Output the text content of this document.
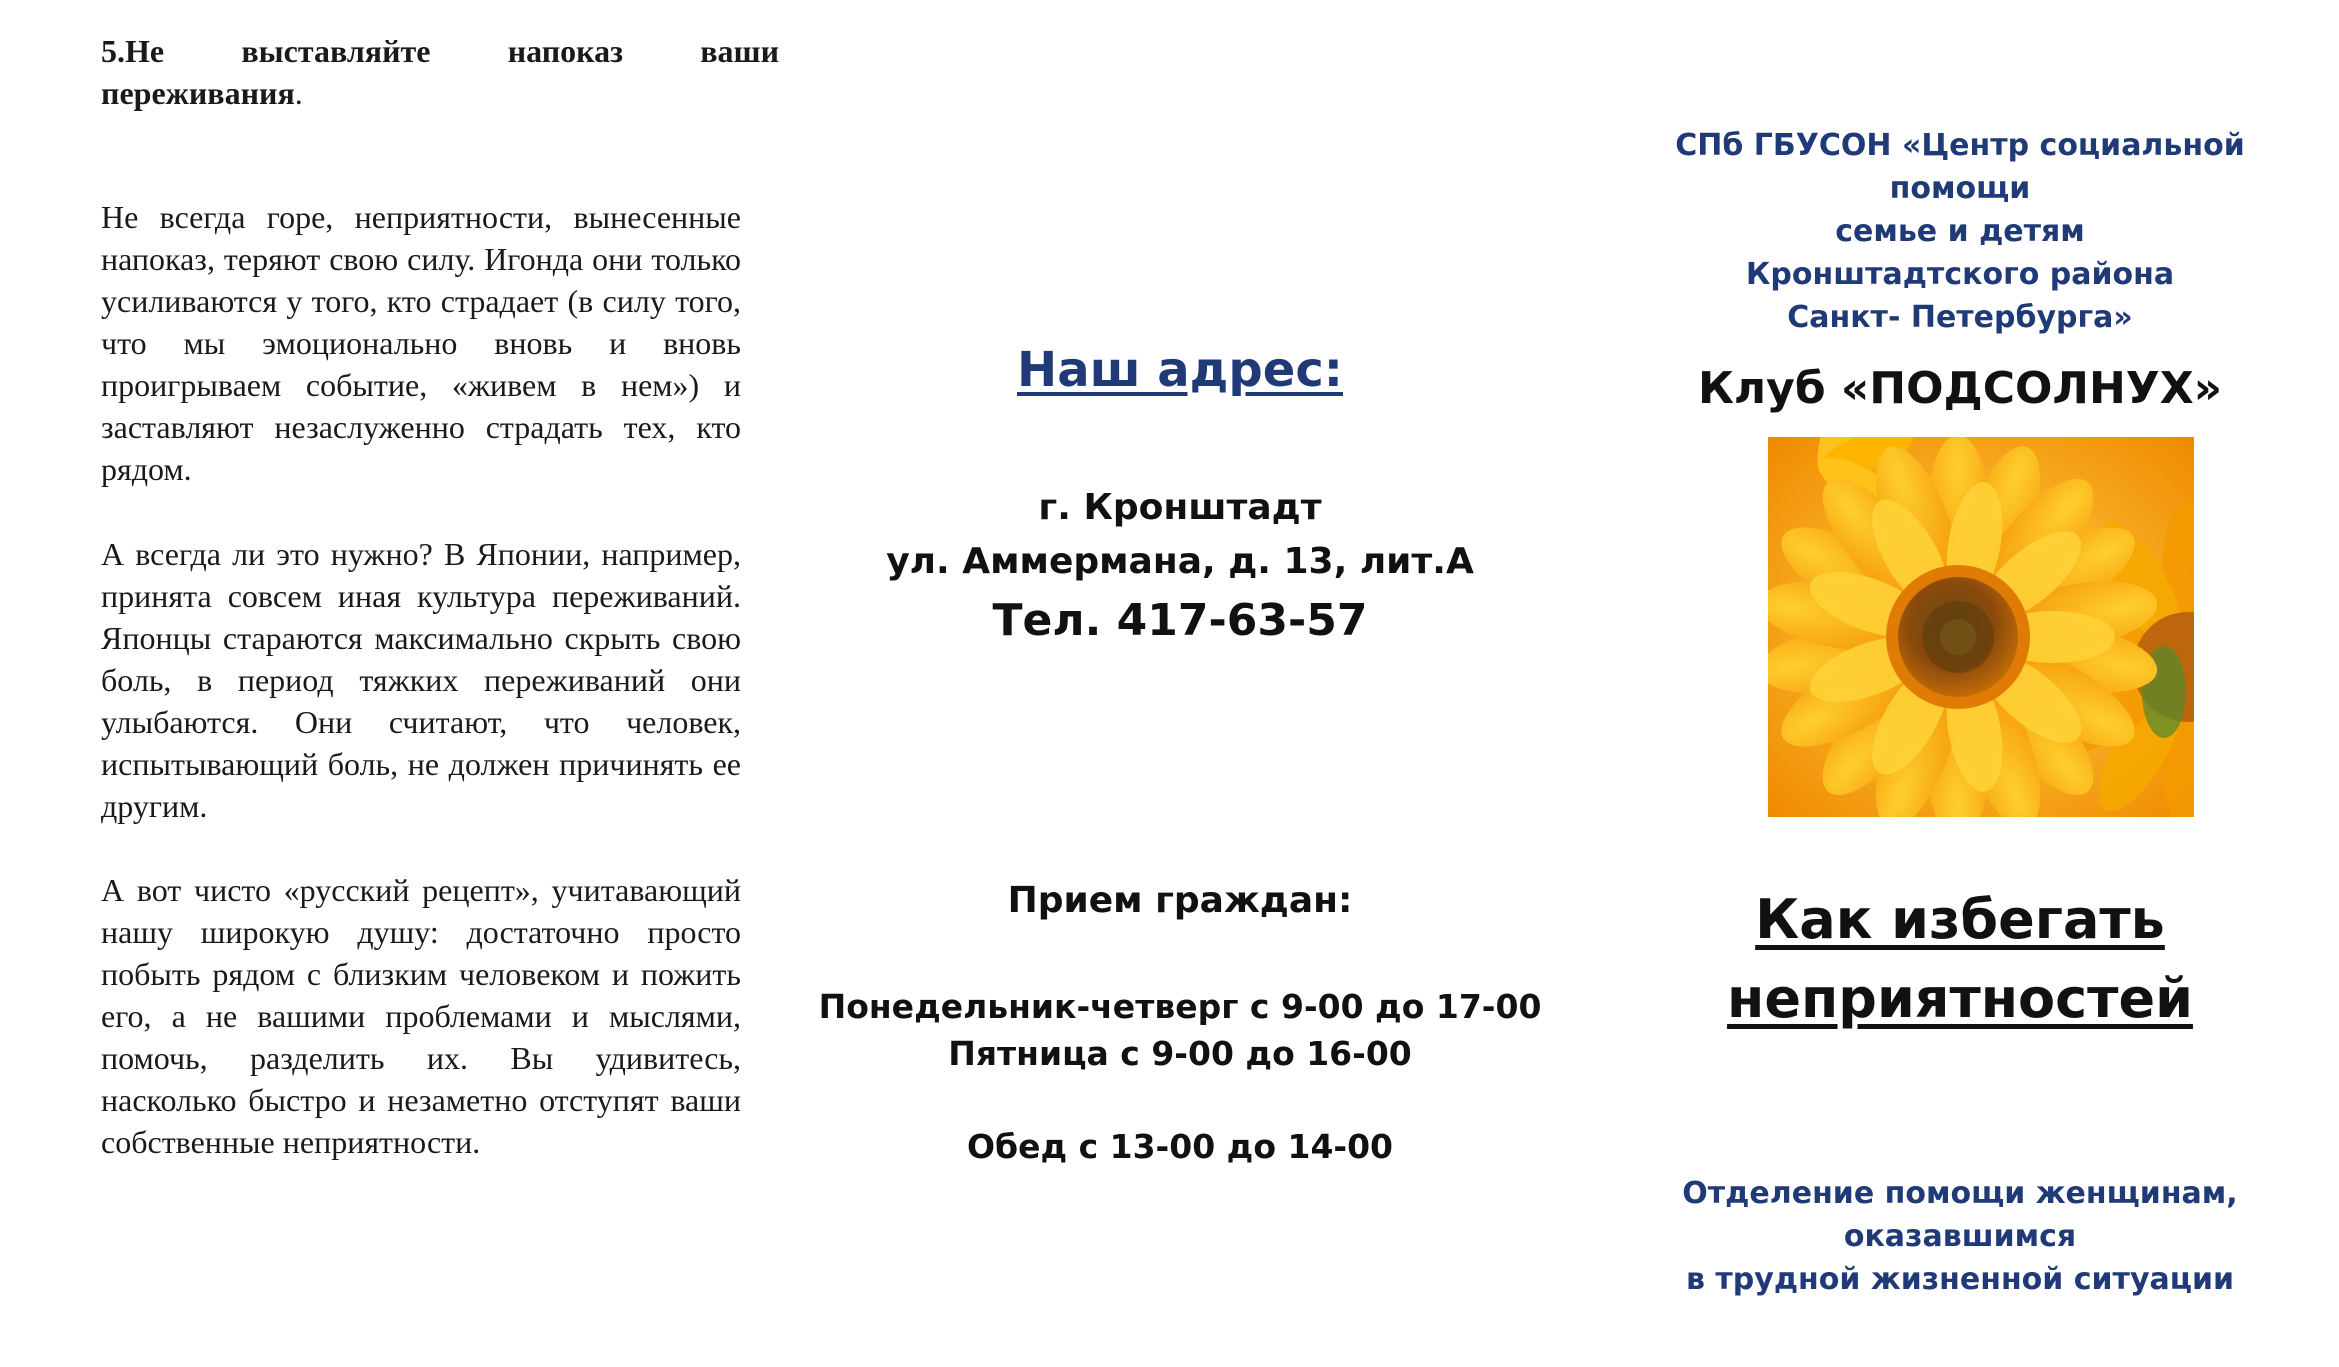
5.Не выставляйте напоказ ваши переживания.
Не всегда горе, неприятности, вынесенные напоказ, теряют свою силу. Игонда они только усиливаются у того, кто страдает (в силу того, что мы эмоционально вновь и вновь проигрываем событие, «живем в нем») и заставляют незаслуженно страдать тех, кто рядом.
А всегда ли это нужно? В Японии, например, принята совсем иная культура переживаний. Японцы стараются максимально скрыть свою боль, в период тяжких переживаний они улыбаются. Они считают, что человек, испытывающий боль, не должен причинять ее другим.
А вот чисто «русский рецепт», учитавающий нашу широкую душу: достаточно просто побыть рядом с близким человеком и пожить его, а не вашими проблемами и мыслями, помочь, разделить их. Вы удивитесь, насколько быстро и незаметно отступят ваши собственные неприятности.
Наш адрес:
г. Кронштадт
ул. Аммермана, д. 13, лит.А
Тел. 417-63-57
Прием граждан:
Понедельник-четверг с 9-00 до 17-00
Пятница с 9-00 до 16-00
Обед с 13-00 до 14-00
СПб ГБУСОН «Центр социальной помощи
семье и детям
Кронштадтского района
Санкт- Петербурга»
Клуб «ПОДСОЛНУХ»
Как избегать
неприятностей
Отделение помощи женщинам,
оказавшимся
в трудной жизненной ситуации
